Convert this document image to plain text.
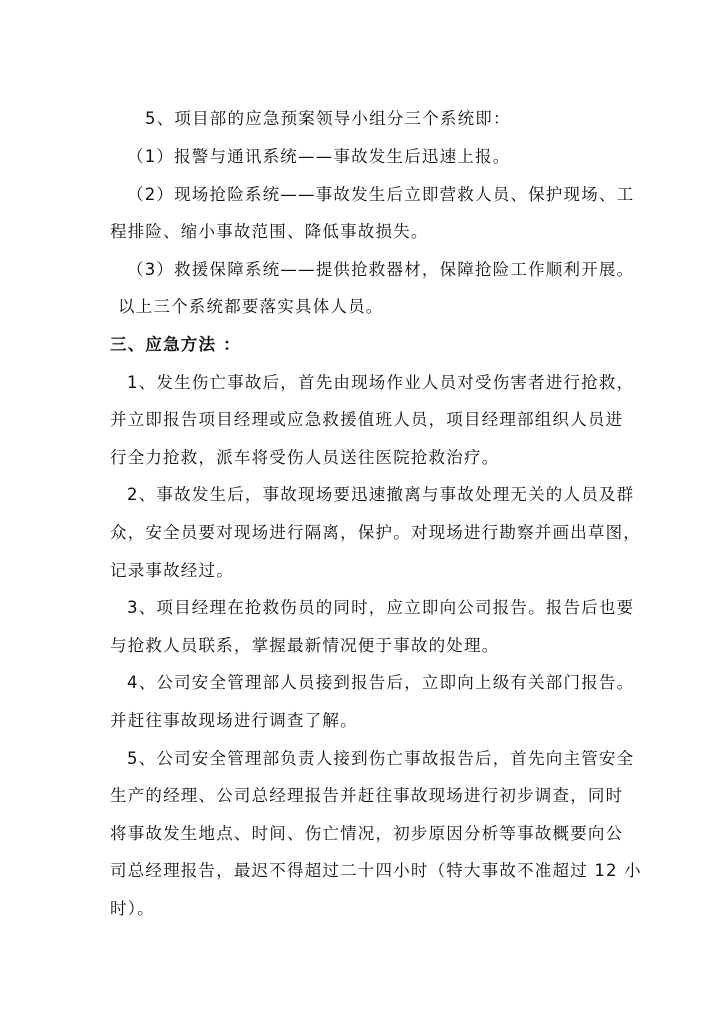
5、项目部的应急预案领导小组分三个系统即：
（1）报警与通讯系统——事故发生后迅速上报。
（2）现场抢险系统——事故发生后立即营救人员、保护现场、工
程排险、缩小事故范围、降低事故损失。
（3）救援保障系统——提供抢救器材，保障抢险工作顺利开展。
以上三个系统都要落实具体人员。
三、应急方法 ：
1、发生伤亡事故后，首先由现场作业人员对受伤害者进行抢救，
并立即报告项目经理或应急救援值班人员，项目经理部组织人员进
行全力抢救，派车将受伤人员送往医院抢救治疗。
2、事故发生后，事故现场要迅速撤离与事故处理无关的人员及群
众，安全员要对现场进行隔离，保护。对现场进行勘察并画出草图，
记录事故经过。
3、项目经理在抢救伤员的同时，应立即向公司报告。报告后也要
与抢救人员联系，掌握最新情况便于事故的处理。
4、公司安全管理部人员接到报告后，立即向上级有关部门报告。
并赶往事故现场进行调查了解。
5、公司安全管理部负责人接到伤亡事故报告后，首先向主管安全
生产的经理、公司总经理报告并赶往事故现场进行初步调查，同时
将事故发生地点、时间、伤亡情况，初步原因分析等事故概要向公
司总经理报告，最迟不得超过二十四小时（特大事故不准超过 12 小
时）。
